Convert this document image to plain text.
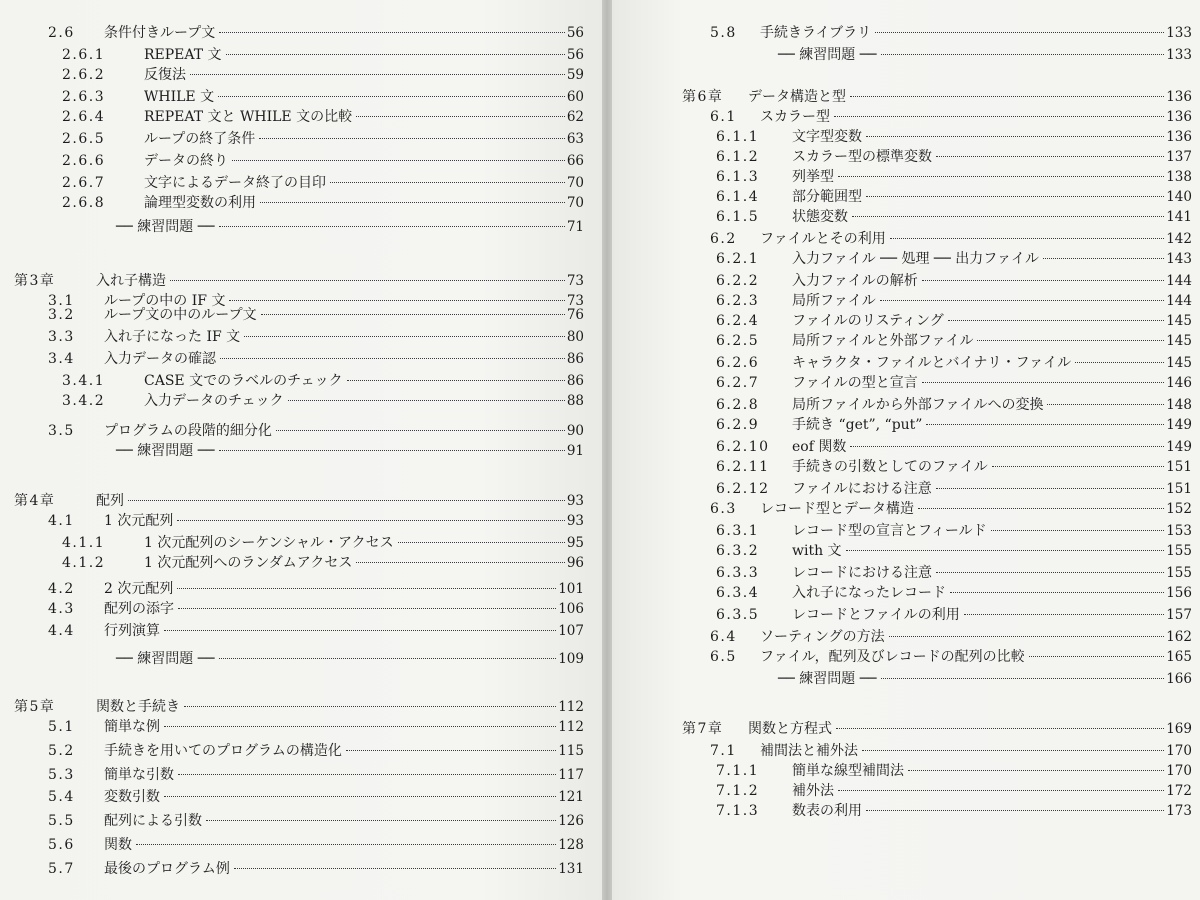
2.6	条件付きループ文	56
2.6.1	REPEAT 文	56
2.6.2	反復法	59
2.6.3	WHILE 文	60
2.6.4	REPEAT 文と WHILE 文の比較	62
2.6.5	ループの終了条件	63
2.6.6	データの終り	66
2.6.7	文字によるデータ終了の目印	70
2.6.8	論理型変数の利用	70
── 練習問題 ──	71
第3章	入れ子構造	73
3.1	ループの中の IF 文	73
3.2	ループ文の中のループ文	76
3.3	入れ子になった IF 文	80
3.4	入力データの確認	86
3.4.1	CASE 文でのラベルのチェック	86
3.4.2	入力データのチェック	88
3.5	プログラムの段階的細分化	90
── 練習問題 ──	91
第4章	配列	93
4.1	1 次元配列	93
4.1.1	1 次元配列のシーケンシャル・アクセス	95
4.1.2	1 次元配列へのランダムアクセス	96
4.2	2 次元配列	101
4.3	配列の添字	106
4.4	行列演算	107
── 練習問題 ──	109
第5章	関数と手続き	112
5.1	簡単な例	112
5.2	手続きを用いてのプログラムの構造化	115
5.3	簡単な引数	117
5.4	変数引数	121
5.5	配列による引数	126
5.6	関数	128
5.7	最後のプログラム例	131
5.8	手続きライブラリ	133
── 練習問題 ──	133
第6章	データ構造と型	136
6.1	スカラー型	136
6.1.1	文字型変数	136
6.1.2	スカラー型の標準変数	137
6.1.3	列挙型	138
6.1.4	部分範囲型	140
6.1.5	状態変数	141
6.2	ファイルとその利用	142
6.2.1	入力ファイル ── 処理 ── 出力ファイル	143
6.2.2	入力ファイルの解析	144
6.2.3	局所ファイル	144
6.2.4	ファイルのリスティング	145
6.2.5	局所ファイルと外部ファイル	145
6.2.6	キャラクタ・ファイルとバイナリ・ファイル	145
6.2.7	ファイルの型と宣言	146
6.2.8	局所ファイルから外部ファイルへの変換	148
6.2.9	手続き “get”, “put”	149
6.2.10	eof 関数	149
6.2.11	手続きの引数としてのファイル	151
6.2.12	ファイルにおける注意	151
6.3	レコード型とデータ構造	152
6.3.1	レコード型の宣言とフィールド	153
6.3.2	with 文	155
6.3.3	レコードにおける注意	155
6.3.4	入れ子になったレコード	156
6.3.5	レコードとファイルの利用	157
6.4	ソーティングの方法	162
6.5	ファイル，配列及びレコードの配列の比較	165
── 練習問題 ──	166
第7章	関数と方程式	169
7.1	補間法と補外法	170
7.1.1	簡単な線型補間法	170
7.1.2	補外法	172
7.1.3	数表の利用	173
